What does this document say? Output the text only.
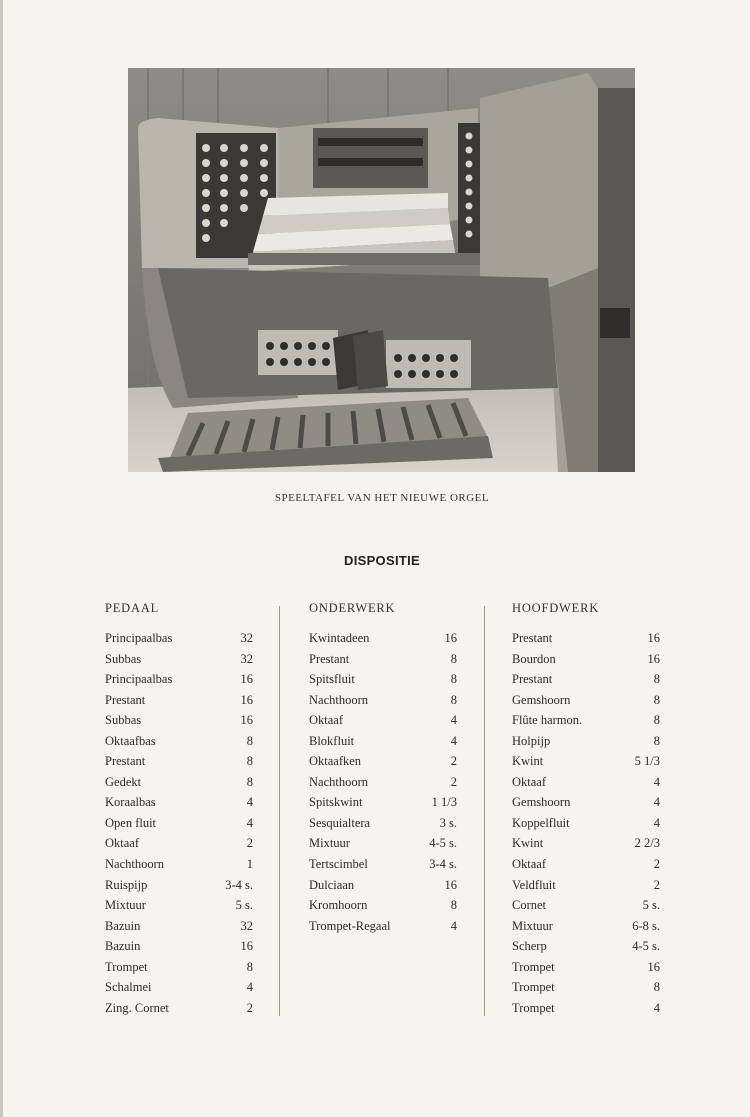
SPEELTAFEL VAN HET NIEUWE ORGEL
DISPOSITIE
PEDAAL
Principaalbas	32
Subbas	32
Principaalbas	16
Prestant	16
Subbas	16
Oktaafbas	8
Prestant	8
Gedekt	8
Koraalbas	4
Open fluit	4
Oktaaf	2
Nachthoorn	1
Ruispijp	3-4 s.
Mixtuur	5 s.
Bazuin	32
Bazuin	16
Trompet	8
Schalmei	4
Zing. Cornet	2
ONDERWERK
Kwintadeen	16
Prestant	8
Spitsfluit	8
Nachthoorn	8
Oktaaf	4
Blokfluit	4
Oktaafken	2
Nachthoorn	2
Spitskwint	1 1/3
Sesquialtera	3 s.
Mixtuur	4-5 s.
Tertscimbel	3-4 s.
Dulciaan	16
Kromhoorn	8
Trompet-Regaal	4
HOOFDWERK
Prestant	16
Bourdon	16
Prestant	8
Gemshoorn	8
Flûte harmon.	8
Holpijp	8
Kwint	5 1/3
Oktaaf	4
Gemshoorn	4
Koppelfluit	4
Kwint	2 2/3
Oktaaf	2
Veldfluit	2
Cornet	5 s.
Mixtuur	6-8 s.
Scherp	4-5 s.
Trompet	16
Trompet	8
Trompet	4
